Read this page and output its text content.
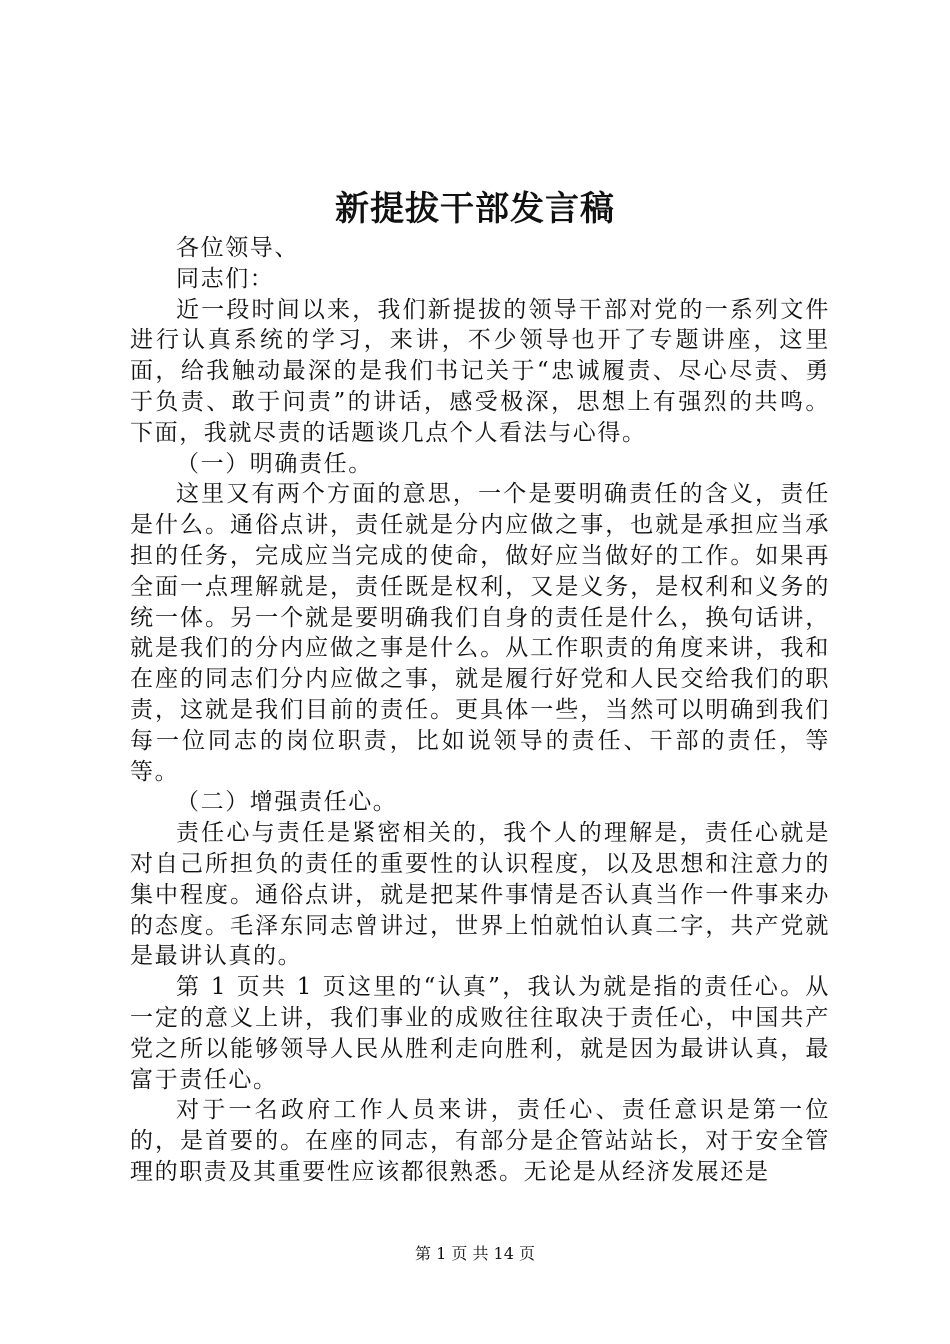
新提拔干部发言稿

各位领导、

同志们：

近一段时间以来，我们新提拔的领导干部对党的一系列文件进行认真系统的学习，来讲，不少领导也开了专题讲座，这里面，给我触动最深的是我们书记关于“忠诚履责、尽心尽责、勇于负责、敢于问责”的讲话，感受极深，思想上有强烈的共鸣。下面，我就尽责的话题谈几点个人看法与心得。

（一）明确责任。

这里又有两个方面的意思，一个是要明确责任的含义，责任是什么。通俗点讲，责任就是分内应做之事，也就是承担应当承担的任务，完成应当完成的使命，做好应当做好的工作。如果再全面一点理解就是，责任既是权利，又是义务，是权利和义务的统一体。另一个就是要明确我们自身的责任是什么，换句话讲，就是我们的分内应做之事是什么。从工作职责的角度来讲，我和在座的同志们分内应做之事，就是履行好党和人民交给我们的职责，这就是我们目前的责任。更具体一些，当然可以明确到我们每一位同志的岗位职责，比如说领导的责任、干部的责任，等等。

（二）增强责任心。

责任心与责任是紧密相关的，我个人的理解是，责任心就是对自己所担负的责任的重要性的认识程度，以及思想和注意力的集中程度。通俗点讲，就是把某件事情是否认真当作一件事来办的态度。毛泽东同志曾讲过，世界上怕就怕认真二字，共产党就是最讲认真的。

第 1 页共 1 页这里的“认真”，我认为就是指的责任心。从一定的意义上讲，我们事业的成败往往取决于责任心，中国共产党之所以能够领导人民从胜利走向胜利，就是因为最讲认真，最富于责任心。

对于一名政府工作人员来讲，责任心、责任意识是第一位的，是首要的。在座的同志，有部分是企管站站长，对于安全管理的职责及其重要性应该都很熟悉。无论是从经济发展还是

第 1 页 共 14 页
